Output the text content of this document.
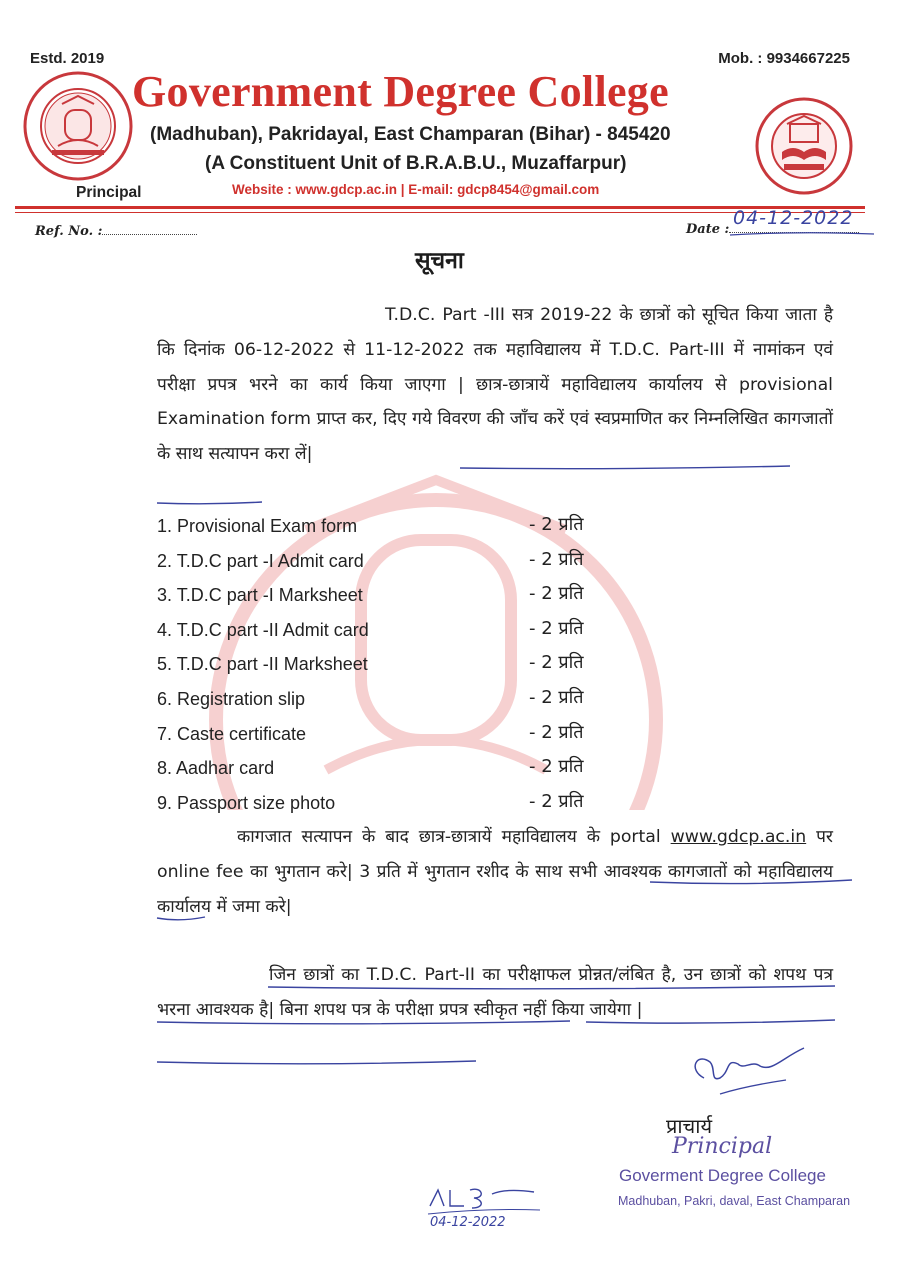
Estd. 2019	Mob. : 9934667225
Government Degree College
(Madhuban), Pakridayal, East Champaran (Bihar) - 845420
(A Constituent Unit of B.R.A.B.U., Muzaffarpur)
Principal	Website : www.gdcp.ac.in | E-mail: gdcp8454@gmail.com
Ref. No. :	Date :
04-12-2022
सूचना

T.D.C. Part -III सत्र 2019-22 के छात्रों को सूचित किया जाता है कि दिनांक 06-12-2022 से 11-12-2022 तक महाविद्यालय में T.D.C. Part-III में नामांकन एवं परीक्षा प्रपत्र भरने का कार्य किया जाएगा | छात्र-छात्रायें महाविद्यालय कार्यालय से provisional Examination form प्राप्त कर, दिए गये विवरण की जाँच करें एवं स्वप्रमाणित कर निम्नलिखित कागजातों के साथ सत्यापन करा लें|

1. Provisional Exam form	- 2 प्रति
2. T.D.C part -I Admit card	- 2 प्रति
3. T.D.C part -I Marksheet	- 2 प्रति
4. T.D.C part -II Admit card	- 2 प्रति
5. T.D.C part -II Marksheet	- 2 प्रति
6. Registration slip	- 2 प्रति
7. Caste certificate	- 2 प्रति
8. Aadhar card	- 2 प्रति
9. Passport size photo	- 2 प्रति

कागजात सत्यापन के बाद छात्र-छात्रायें महाविद्यालय के portal www.gdcp.ac.in पर online fee का भुगतान करे| 3 प्रति में भुगतान रशीद के साथ सभी आवश्यक कागजातों को महाविद्यालय कार्यालय में जमा करे|

जिन छात्रों का T.D.C. Part-II का परीक्षाफल प्रोन्नत/लंबित है, उन छात्रों को शपथ पत्र भरना आवश्यक है| बिना शपथ पत्र के परीक्षा प्रपत्र स्वीकृत नहीं किया जायेगा |

प्राचार्य
Principal
Goverment Degree College
Madhuban, Pakri, daval, East Champaran
04-12-2022
